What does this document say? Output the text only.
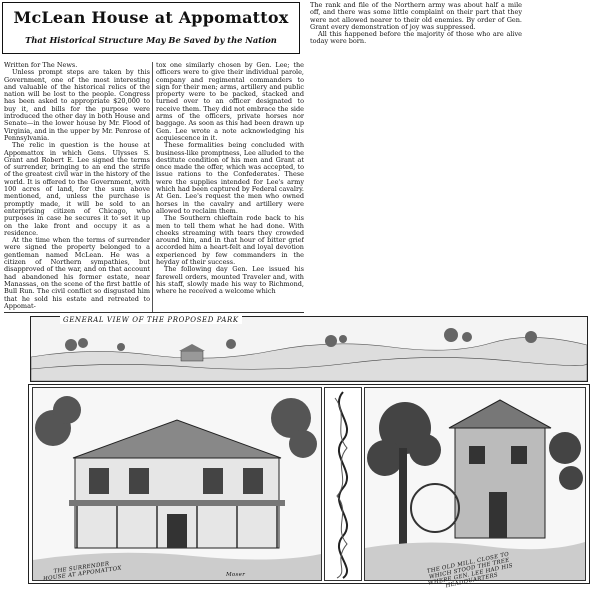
McLean House at Appomattox
That Historical Structure May Be Saved by the Nation

Written for The News.

Unless prompt steps are taken by this Government, one of the most interesting and valuable of the historical relics of the nation will be lost to the people. Congress has been asked to appropriate $20,000 to buy it, and bills for the purpose were introduced the other day in both House and Senate—in the lower house by Mr. Flood of Virginia, and in the upper by Mr. Penrose of Pennsylvania.

The relic in question is the house at Appomattox in which Gens. Ulysses S. Grant and Robert E. Lee signed the terms of surrender, bringing to an end the strife of the greatest civil war in the history of the world. It is offered to the Government, with 100 acres of land, for the sum above mentioned, and, unless the purchase is promptly made, it will be sold to an enterprising citizen of Chicago, who purposes in case he secures it to set it up on the lake front and occupy it as a residence.

At the time when the terms of surrender were signed the property belonged to a gentleman named McLean. He was a citizen of Northern sympathies, but disapproved of the war, and on that account had abandoned his former estate, near Manassas, on the scene of the first battle of Bull Run. The civil conflict so disgusted him that he sold his estate and retreated to Appomat-

tox one similarly chosen by Gen. Lee; the officers were to give their individual parole, company and regimental commanders to sign for their men; arms, artillery and public property were to be packed, stacked and turned over to an officer designated to receive them. They did not embrace the side arms of the officers, private horses nor baggage. As soon as this had been drawn up Gen. Lee wrote a note acknowledging his acquiescence in it.

These formalities being concluded with business-like promptness, Lee alluded to the destitute condition of his men and Grant at once made the offer, which was accepted, to issue rations to the Confederates. These were the supplies intended for Lee's army which had been captured by Federal cavalry. At Gen. Lee's request the men who owned horses in the cavalry and artillery were allowed to reclaim them.

The Southern chieftain rode back to his men to tell them what he had done. With cheeks streaming with tears they crowded around him, and in that hour of bitter grief accorded him a heart-felt and loyal devotion experienced by few commanders in the heyday of their success.

The following day Gen. Lee issued his farewell orders, mounted Traveler and, with his staff, slowly made his way to Richmond, where he received a welcome which

The rank and file of the Northern army was about half a mile off, and there was some little complaint on their part that they were not allowed nearer to their old enemies. By order of Gen. Grant every demonstration of joy was suppressed.

All this happened before the majority of those who are alive today were born.

GENERAL VIEW OF THE PROPOSED PARK
THE SURRENDER HOUSE AT APPOMATTOX	Moser
THE OLD MILL, CLOSE TO WHICH STOOD THE TREE WHERE GEN. LEE HAD HIS HEADQUARTERS
